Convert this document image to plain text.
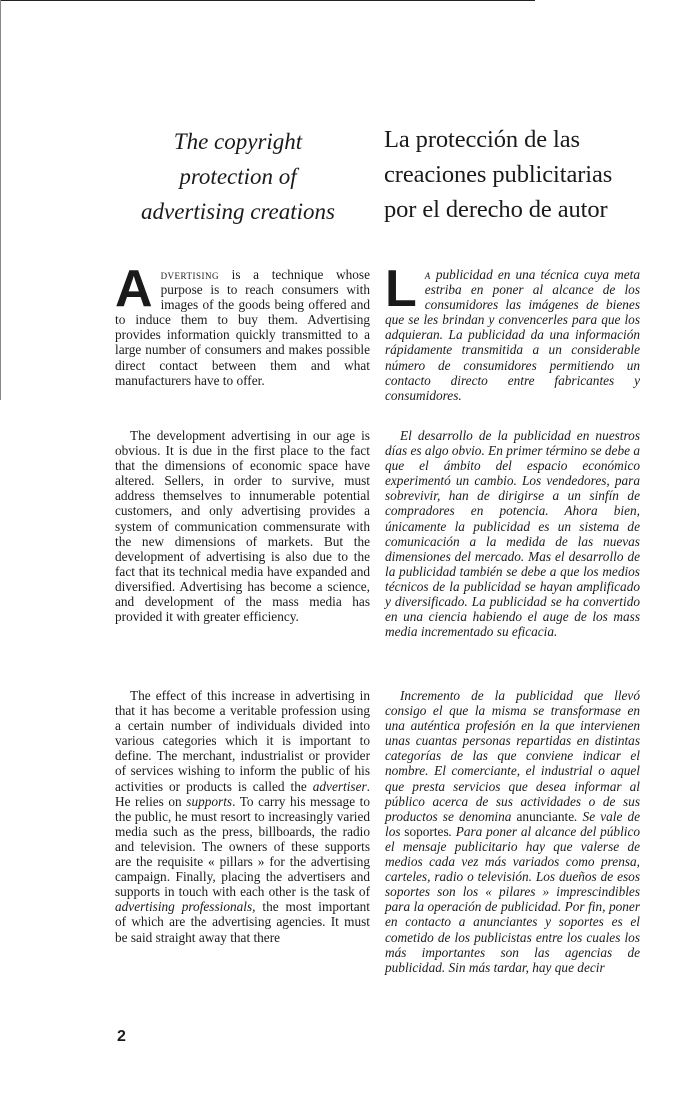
The copyright
protection of
advertising creations
La protección de las
creaciones publicitarias
por el derecho de autor

Advertising is a technique whose purpose is to reach consumers with images of the goods being offered and to induce them to buy them. Advertising provides information quickly transmitted to a large number of consumers and makes possible direct contact between them and what manufacturers have to offer.

The development advertising in our age is obvious. It is due in the first place to the fact that the dimensions of economic space have altered. Sellers, in order to survive, must address themselves to innumerable potential customers, and only advertising provides a system of communication commensurate with the new dimensions of markets. But the development of advertising is also due to the fact that its technical media have expanded and diversified. Advertising has become a science, and development of the mass media has provided it with greater efficiency.

The effect of this increase in advertising in that it has become a veritable profession using a certain number of individuals divided into various categories which it is important to define. The merchant, industrialist or provider of services wishing to inform the public of his activities or products is called the advertiser. He relies on supports. To carry his message to the public, he must resort to increasingly varied media such as the press, billboards, the radio and television. The owners of these supports are the requisite « pillars » for the advertising campaign. Finally, placing the advertisers and supports in touch with each other is the task of advertising professionals, the most important of which are the advertising agencies. It must be said straight away that there

La publicidad en una técnica cuya meta estriba en poner al alcance de los consumidores las imágenes de bienes que se les brindan y convencerles para que los adquieran. La publicidad da una información rápidamente transmitida a un considerable número de consumidores permitiendo un contacto directo entre fabricantes y consumidores.

El desarrollo de la publicidad en nuestros días es algo obvio. En primer término se debe a que el ámbito del espacio económico experimentó un cambio. Los vendedores, para sobrevivir, han de dirigirse a un sinfín de compradores en potencia. Ahora bien, únicamente la publicidad es un sistema de comunicación a la medida de las nuevas dimensiones del mercado. Mas el desarrollo de la publicidad también se debe a que los medios técnicos de la publicidad se hayan amplificado y diversificado. La publicidad se ha convertido en una ciencia habiendo el auge de los mass media incrementado su eficacia.

Incremento de la publicidad que llevó consigo el que la misma se transformase en una auténtica profesión en la que intervienen unas cuantas personas repartidas en distintas categorías de las que conviene indicar el nombre. El comerciante, el industrial o aquel que presta servicios que desea informar al público acerca de sus actividades o de sus productos se denomina anunciante. Se vale de los soportes. Para poner al alcance del público el mensaje publicitario hay que valerse de medios cada vez más variados como prensa, carteles, radio o televisión. Los dueños de esos soportes son los « pilares » imprescindibles para la operación de publicidad. Por fin, poner en contacto a anunciantes y soportes es el cometido de los publicistas entre los cuales los más importantes son las agencias de publicidad. Sin más tardar, hay que decir

2
